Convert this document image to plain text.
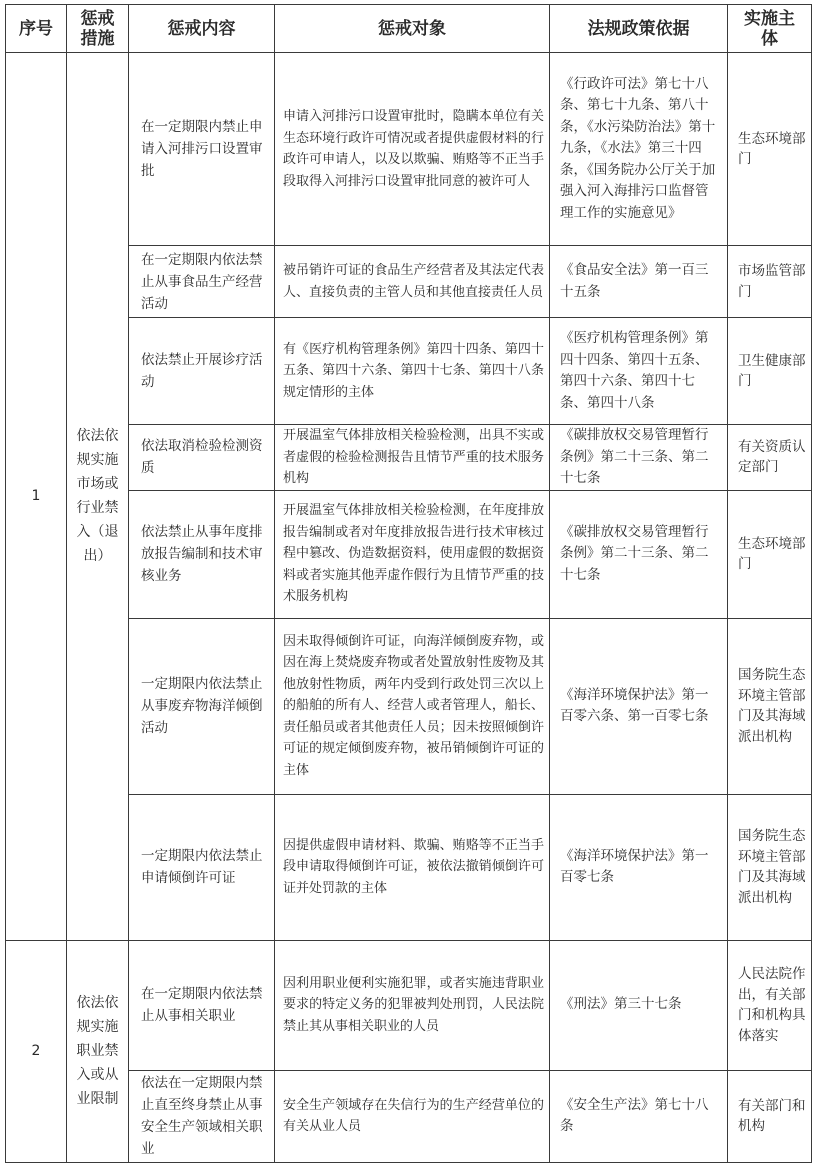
序号	惩戒措施	惩戒内容	惩戒对象	法规政策依据	实施主体
1	依法依规实施市场或行业禁入（退出）	在一定期限内禁止申请入河排污口设置审批	申请入河排污口设置审批时，隐瞒本单位有关生态环境行政许可情况或者提供虚假材料的行政许可申请人，以及以欺骗、贿赂等不正当手段取得入河排污口设置审批同意的被许可人	《行政许可法》第七十八条、第七十九条、第八十条，《水污染防治法》第十九条，《水法》第三十四条，《国务院办公厅关于加强入河入海排污口监督管理工作的实施意见》	生态环境部门
		在一定期限内依法禁止从事食品生产经营活动	被吊销许可证的食品生产经营者及其法定代表人、直接负责的主管人员和其他直接责任人员	《食品安全法》第一百三十五条	市场监管部门
		依法禁止开展诊疗活动	有《医疗机构管理条例》第四十四条、第四十五条、第四十六条、第四十七条、第四十八条规定情形的主体	《医疗机构管理条例》第四十四条、第四十五条、第四十六条、第四十七条、第四十八条	卫生健康部门
		依法取消检验检测资质	开展温室气体排放相关检验检测，出具不实或者虚假的检验检测报告且情节严重的技术服务机构	《碳排放权交易管理暂行条例》第二十三条、第二十七条	有关资质认定部门
		依法禁止从事年度排放报告编制和技术审核业务	开展温室气体排放相关检验检测，在年度排放报告编制或者对年度排放报告进行技术审核过程中篡改、伪造数据资料，使用虚假的数据资料或者实施其他弄虚作假行为且情节严重的技术服务机构	《碳排放权交易管理暂行条例》第二十三条、第二十七条	生态环境部门
		一定期限内依法禁止从事废弃物海洋倾倒活动	因未取得倾倒许可证，向海洋倾倒废弃物，或因在海上焚烧废弃物或者处置放射性废物及其他放射性物质，两年内受到行政处罚三次以上的船舶的所有人、经营人或者管理人，船长、责任船员或者其他责任人员；因未按照倾倒许可证的规定倾倒废弃物，被吊销倾倒许可证的主体	《海洋环境保护法》第一百零六条、第一百零七条	国务院生态环境主管部门及其海域派出机构
		一定期限内依法禁止申请倾倒许可证	因提供虚假申请材料、欺骗、贿赂等不正当手段申请取得倾倒许可证，被依法撤销倾倒许可证并处罚款的主体	《海洋环境保护法》第一百零七条	国务院生态环境主管部门及其海域派出机构
2	依法依规实施职业禁入或从业限制	在一定期限内依法禁止从事相关职业	因利用职业便利实施犯罪，或者实施违背职业要求的特定义务的犯罪被判处刑罚，人民法院禁止其从事相关职业的人员	《刑法》第三十七条	人民法院作出，有关部门和机构具体落实
		依法在一定期限内禁止直至终身禁止从事安全生产领域相关职业	安全生产领域存在失信行为的生产经营单位的有关从业人员	《安全生产法》第七十八条	有关部门和机构
